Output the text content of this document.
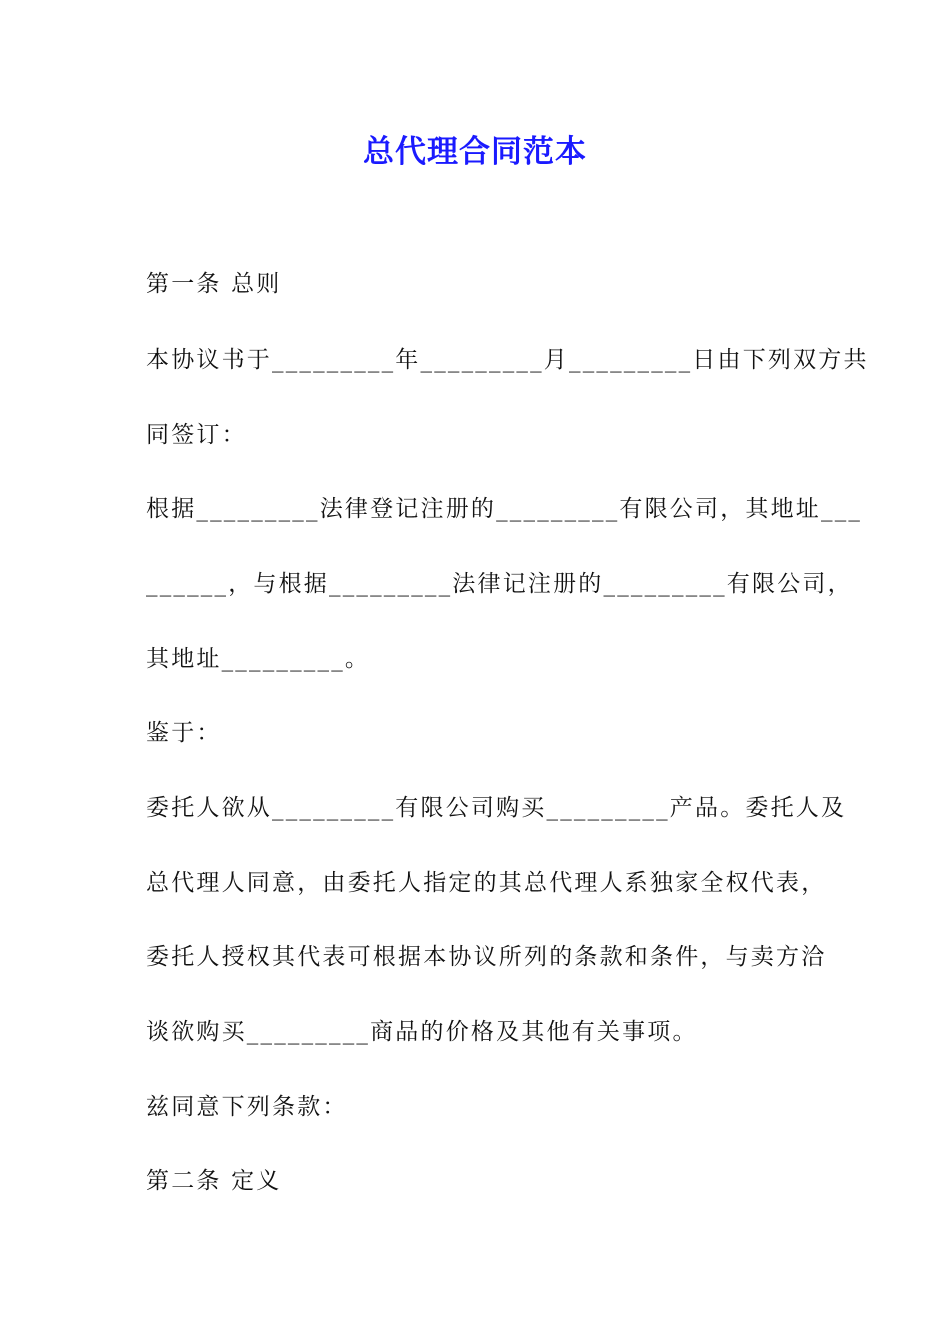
总代理合同范本

第一条 总则

本协议书于_________年_________月_________日由下列双方共

同签订：

根据_________法律登记注册的_________有限公司，其地址___

______，与根据_________法律记注册的_________有限公司，

其地址_________。

鉴于：

委托人欲从_________有限公司购买_________产品。委托人及

总代理人同意，由委托人指定的其总代理人系独家全权代表，

委托人授权其代表可根据本协议所列的条款和条件，与卖方洽

谈欲购买_________商品的价格及其他有关事项。

兹同意下列条款：

第二条 定义
